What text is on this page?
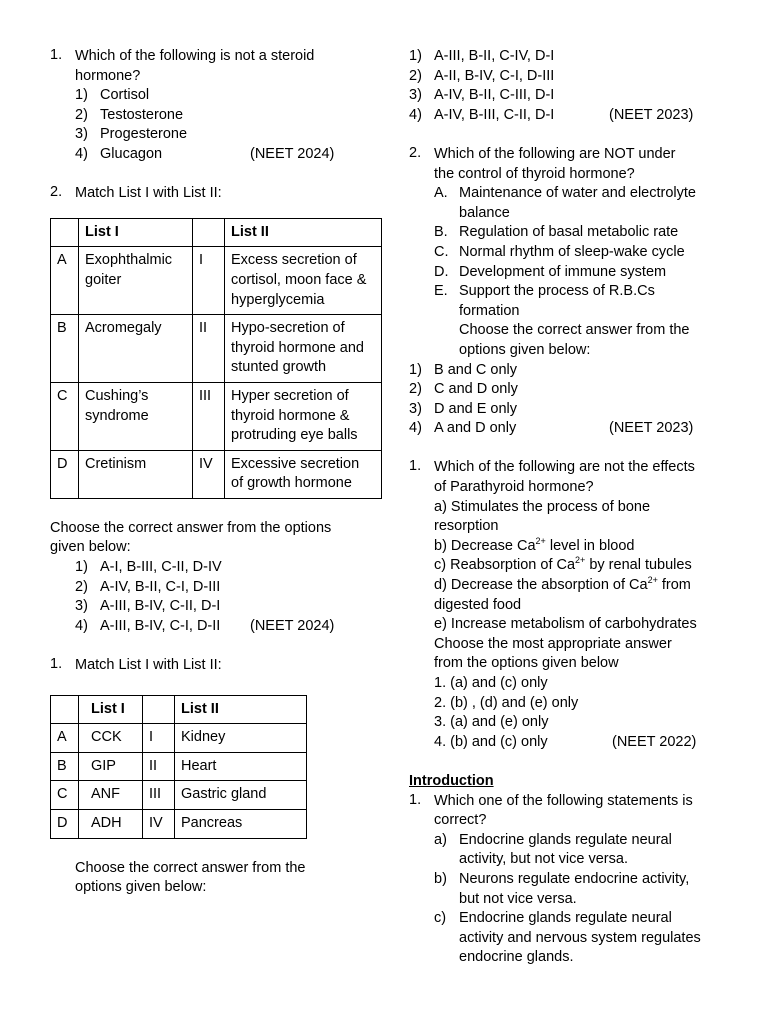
1. Which of the following is not a steroid
hormone?
1) Cortisol
2) Testosterone
3) Progesterone
4) Glucagon	(NEET 2024)
2. Match List I with List II:
	List I		List II
A	Exophthalmic goiter	I	Excess secretion of cortisol, moon face & hyperglycemia
B	Acromegaly	II	Hypo-secretion of thyroid hormone and stunted growth
C	Cushing’s syndrome	III	Hyper secretion of thyroid hormone & protruding eye balls
D	Cretinism	IV	Excessive secretion of growth hormone
Choose the correct answer from the options
given below:
1) A-I, B-III, C-II, D-IV
2) A-IV, B-II, C-I, D-III
3) A-III, B-IV, C-II, D-I
4) A-III, B-IV, C-I, D-II (NEET 2024)
1. Match List I with List II:
	List I		List II
A	CCK	I	Kidney
B	GIP	II	Heart
C	ANF	III	Gastric gland
D	ADH	IV	Pancreas
Choose the correct answer from the
options given below:
1) A-III, B-II, C-IV, D-I
2) A-II, B-IV, C-I, D-III
3) A-IV, B-II, C-III, D-I
4) A-IV, B-III, C-II, D-I	(NEET 2023)
2. Which of the following are NOT under
the control of thyroid hormone?
A. Maintenance of water and electrolyte
balance
B. Regulation of basal metabolic rate
C. Normal rhythm of sleep-wake cycle
D. Development of immune system
E. Support the process of R.B.Cs
formation
Choose the correct answer from the
options given below:
1) B and C only
2) C and D only
3) D and E only
4) A and D only	(NEET 2023)
1. Which of the following are not the effects
of Parathyroid hormone?
a) Stimulates the process of bone
resorption
b) Decrease $Ca^{2+}$ level in blood
c) Reabsorption of $Ca^{2+}$ by renal tubules
d) Decrease the absorption of $Ca^{2+}$ from
digested food
e) Increase metabolism of carbohydrates
Choose the most appropriate answer
from the options given below
1. (a) and (c) only
2. (b) , (d) and (e) only
3. (a) and (e) only
4. (b) and (c) only	(NEET 2022)
Introduction
1. Which one of the following statements is
correct?
a) Endocrine glands regulate neural
activity, but not vice versa.
b) Neurons regulate endocrine activity,
but not vice versa.
c) Endocrine glands regulate neural
activity and nervous system regulates
endocrine glands.
